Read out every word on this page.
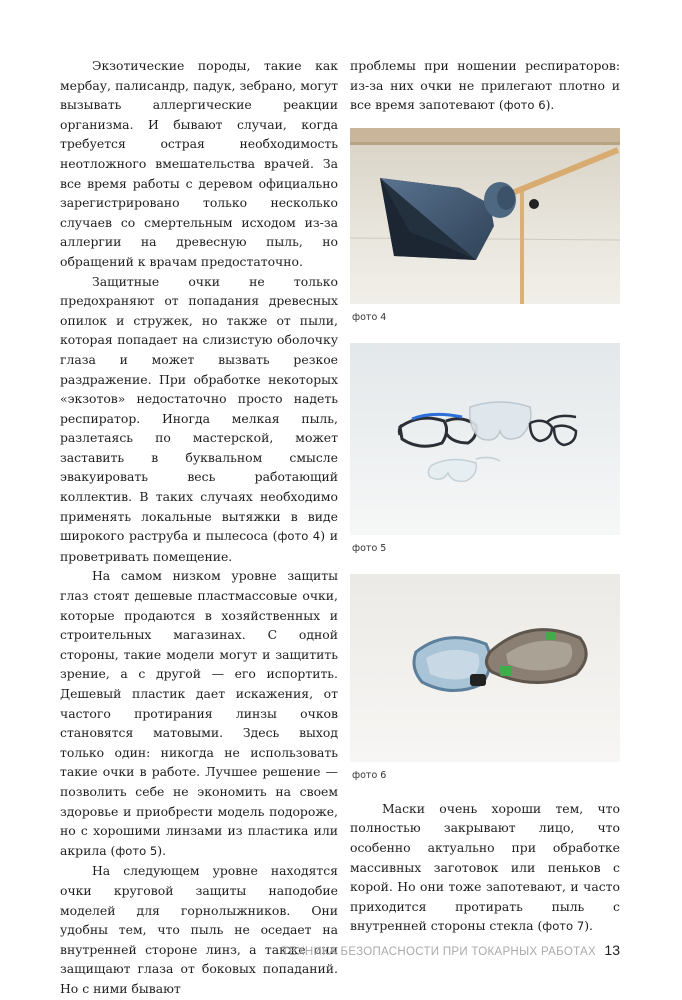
Экзотические породы, такие как мербау, палисандр, падук, зебрано, могут вызывать аллергические реакции организма. И бывают случаи, когда требуется острая необходимость неотложного вмешательства врачей. За все время работы с деревом официально зарегистрировано только несколько случаев со смертельным исходом из-за аллергии на древесную пыль, но обращений к врачам предостаточно.

Защитные очки не только предохраняют от попадания древесных опилок и стружек, но также от пыли, которая попадает на слизистую оболочку глаза и может вызвать резкое раздражение. При обработке некоторых «экзотов» недостаточно просто надеть респиратор. Иногда мелкая пыль, разлетаясь по мастерской, может заставить в буквальном смысле эвакуировать весь работающий коллектив. В таких случаях необходимо применять локальные вытяжки в виде широкого раструба и пылесоса (фото 4) и проветривать помещение.

На самом низком уровне защиты глаз стоят дешевые пластмассовые очки, которые продаются в хозяйственных и строительных магазинах. С одной стороны, такие модели могут и защитить зрение, а с другой — его испортить. Дешевый пластик дает искажения, от частого протирания линзы очков становятся матовыми. Здесь выход только один: никогда не использовать такие очки в работе. Лучшее решение — позволить себе не экономить на своем здоровье и приобрести модель подороже, но с хорошими линзами из пластика или акрила (фото 5).

На следующем уровне находятся очки круговой защиты наподобие моделей для горнолыжников. Они удобны тем, что пыль не оседает на внутренней стороне линз, а также они защищают глаза от боковых попаданий. Но с ними бывают

проблемы при ношении респираторов: из-за них очки не прилегают плотно и все время запотевают (фото 6).

фото 4
фото 5
фото 6

Маски очень хороши тем, что полностью закрывают лицо, что особенно актуально при обработке массивных заготовок или пеньков с корой. Но они тоже запотевают, и часто приходится протирать пыль с внутренней стороны стекла (фото 7).

ТЕХНИКА БЕЗОПАСНОСТИ ПРИ ТОКАРНЫХ РАБОТАХ 13
